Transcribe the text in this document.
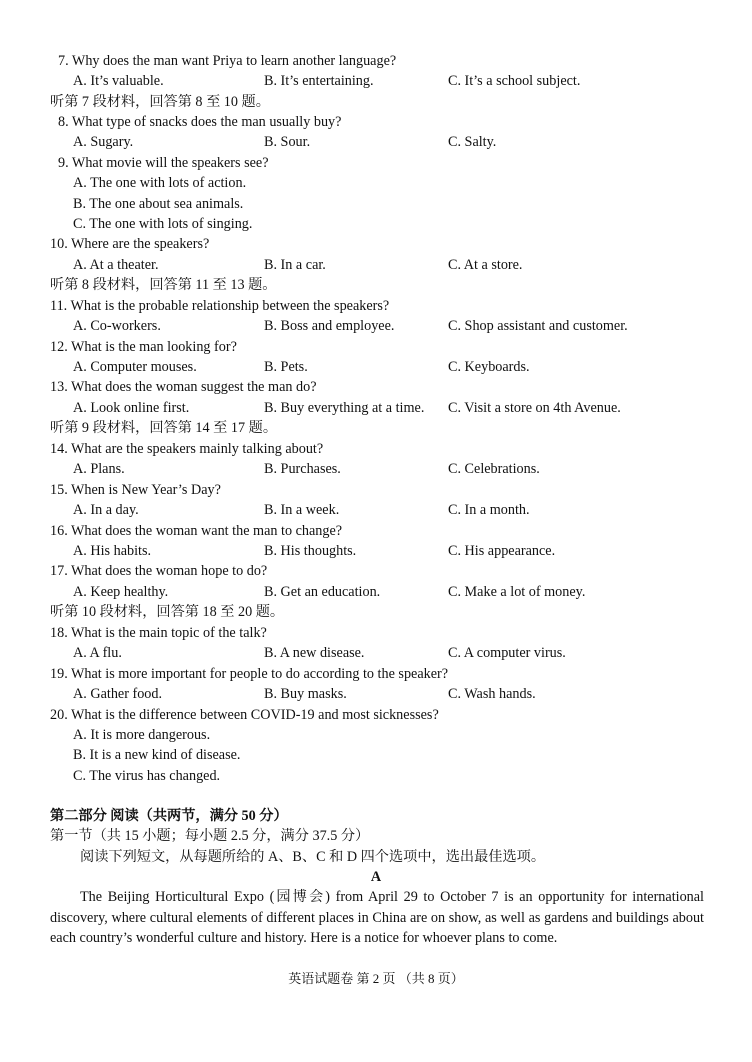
7. Why does the man want Priya to learn another language?
A. It’s valuable.	B. It’s entertaining.	C. It’s a school subject.
听第 7 段材料，回答第 8 至 10 题。
8. What type of snacks does the man usually buy?
A. Sugary.	B. Sour.	C. Salty.
9. What movie will the speakers see?
A. The one with lots of action.
B. The one about sea animals.
C. The one with lots of singing.
10. Where are the speakers?
A. At a theater.	B. In a car.	C. At a store.
听第 8 段材料，回答第 11 至 13 题。
11. What is the probable relationship between the speakers?
A. Co-workers.	B. Boss and employee.	C. Shop assistant and customer.
12. What is the man looking for?
A. Computer mouses.	B. Pets.	C. Keyboards.
13. What does the woman suggest the man do?
A. Look online first.	B. Buy everything at a time. C. Visit a store on 4th Avenue.
听第 9 段材料，回答第 14 至 17 题。
14. What are the speakers mainly talking about?
A. Plans.	B. Purchases.	C. Celebrations.
15. When is New Year’s Day?
A. In a day.	B. In a week.	C. In a month.
16. What does the woman want the man to change?
A. His habits.	B. His thoughts.	C. His appearance.
17. What does the woman hope to do?
A. Keep healthy.	B. Get an education.	C. Make a lot of money.
听第 10 段材料，回答第 18 至 20 题。
18. What is the main topic of the talk?
A. A flu.	B. A new disease.	C. A computer virus.
19. What is more important for people to do according to the speaker?
A. Gather food.	B. Buy masks.	C. Wash hands.
20. What is the difference between COVID-19 and most sicknesses?
A. It is more dangerous.
B. It is a new kind of disease.
C. The virus has changed.
第二部分 阅读（共两节，满分 50 分）
第一节（共 15 小题；每小题 2.5 分，满分 37.5 分）
阅读下列短文，从每题所给的 A、B、C 和 D 四个选项中，选出最佳选项。
A
The Beijing Horticultural Expo (园博会) from April 29 to October 7 is an opportunity for international discovery, where cultural elements of different places in China are on show, as well as gardens and buildings about each country’s wonderful culture and history. Here is a notice for whoever plans to come.
英语试题卷 第 2 页 （共 8 页）
